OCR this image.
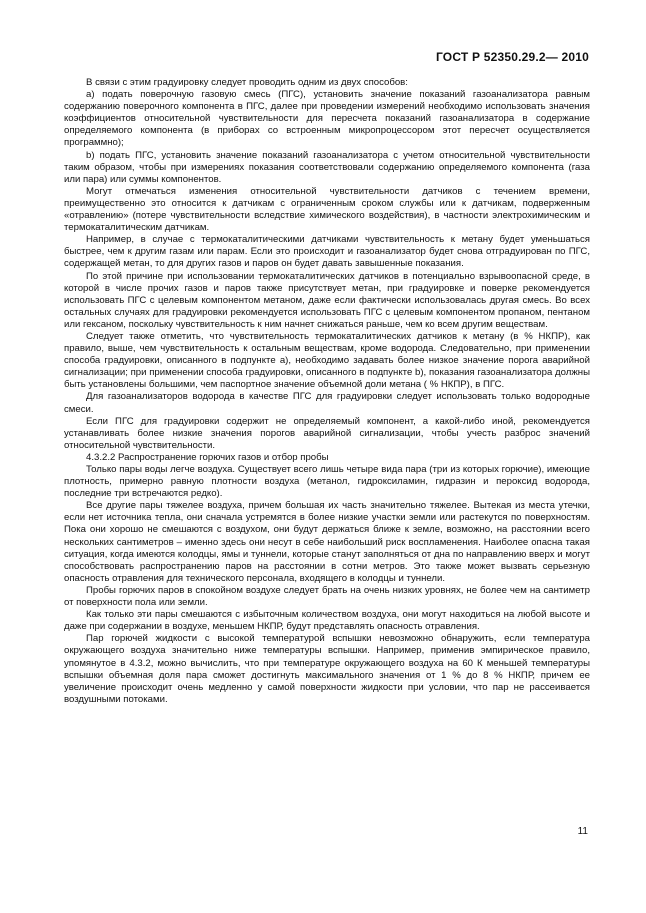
ГОСТ Р 52350.29.2— 2010

В связи с этим градуировку следует проводить одним из двух способов:

а) подать поверочную газовую смесь (ПГС), установить значение показаний газоанализатора равным содержанию поверочного компонента в ПГС, далее при проведении измерений необходимо использовать значения коэффициентов относительной чувствительности для пересчета показаний газоанализатора в содержание определяемого компонента (в приборах со встроенным микропроцессором этот пересчет осуществляется программно);

b) подать ПГС, установить значение показаний газоанализатора с учетом относительной чувствительности таким образом, чтобы при измерениях показания соответствовали содержанию определяемого компонента (газа или пара) или суммы компонентов.

Могут отмечаться изменения относительной чувствительности датчиков с течением времени, преимущественно это относится к датчикам с ограниченным сроком службы или к датчикам, подверженным «отравлению» (потере чувствительности вследствие химического воздействия), в частности электрохимическим и термокаталитическим датчикам.

Например, в случае с термокаталитическими датчиками чувствительность к метану будет уменьшаться быстрее, чем к другим газам или парам. Если это происходит и газоанализатор будет снова отградуирован по ПГС, содержащей метан, то для других газов и паров он будет давать завышенные показания.

По этой причине при использовании термокаталитических датчиков в потенциально взрывоопасной среде, в которой в числе прочих газов и паров также присутствует метан, при градуировке и поверке рекомендуется использовать ПГС с целевым компонентом метаном, даже если фактически использовалась другая смесь. Во всех остальных случаях для градуировки рекомендуется использовать ПГС с целевым компонентом пропаном, пентаном или гексаном, поскольку чувствительность к ним начнет снижаться раньше, чем ко всем другим веществам.

Следует также отметить, что чувствительность термокаталитических датчиков к метану (в % НКПР), как правило, выше, чем чувствительность к остальным веществам, кроме водорода. Следовательно, при применении способа градуировки, описанного в подпункте а), необходимо задавать более низкое значение порога аварийной сигнализации; при применении способа градуировки, описанного в подпункте b), показания газоанализатора должны быть установлены большими, чем паспортное значение объемной доли метана ( % НКПР), в ПГС.

Для газоанализаторов водорода в качестве ПГС для градуировки следует использовать только водородные смеси.

Если ПГС для градуировки содержит не определяемый компонент, а какой-либо иной, рекомендуется устанавливать более низкие значения порогов аварийной сигнализации, чтобы учесть разброс значений относительной чувствительности.

4.3.2.2 Распространение горючих газов и отбор пробы

Только пары воды легче воздуха. Существует всего лишь четыре вида пара (три из которых горючие), имеющие плотность, примерно равную плотности воздуха (метанол, гидроксиламин, гидразин и пероксид водорода, последние три встречаются редко).

Все другие пары тяжелее воздуха, причем большая их часть значительно тяжелее. Вытекая из места утечки, если нет источника тепла, они сначала устремятся в более низкие участки земли или растекутся по поверхностям. Пока они хорошо не смешаются с воздухом, они будут держаться ближе к земле, возможно, на расстоянии всего нескольких сантиметров – именно здесь они несут в себе наибольший риск воспламенения. Наиболее опасна такая ситуация, когда имеются колодцы, ямы и туннели, которые станут заполняться от дна по направлению вверх и могут способствовать распространению паров на расстоянии в сотни метров. Это также может вызвать серьезную опасность отравления для технического персонала, входящего в колодцы и туннели.

Пробы горючих паров в спокойном воздухе следует брать на очень низких уровнях, не более чем на сантиметр от поверхности пола или земли.

Как только эти пары смешаются с избыточным количеством воздуха, они могут находиться на любой высоте и даже при содержании в воздухе, меньшем НКПР, будут представлять опасность отравления.

Пар горючей жидкости с высокой температурой вспышки невозможно обнаружить, если температура окружающего воздуха значительно ниже температуры вспышки. Например, применив эмпирическое правило, упомянутое в 4.3.2, можно вычислить, что при температуре окружающего воздуха на 60 К меньшей температуры вспышки объемная доля пара сможет достигнуть максимального значения от 1 % до 8 % НКПР, причем ее увеличение происходит очень медленно у самой поверхности жидкости при условии, что пар не рассеивается воздушными потоками.

11
